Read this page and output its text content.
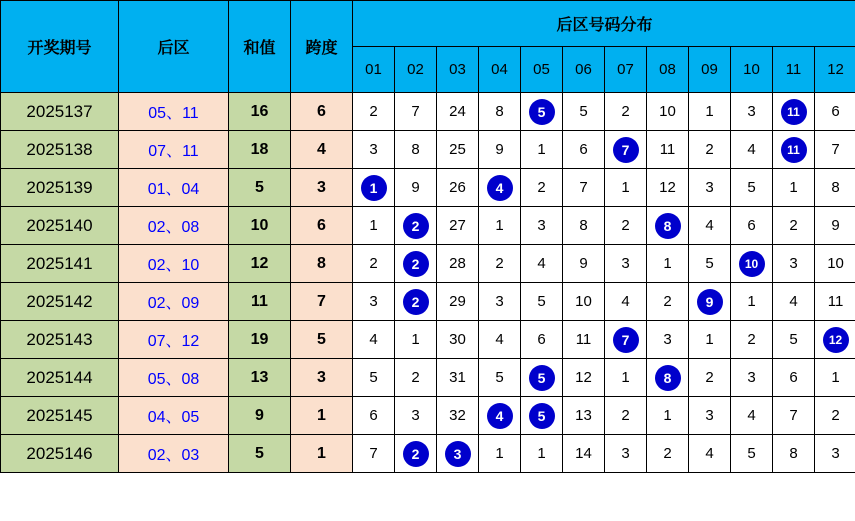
开奖期号	后区	和值	跨度	后区号码分布											
				01	02	03	04	05	06	07	08	09	10	11	12
2025137	05、11	16	6	2	7	24	8	5	5	2	10	1	3	11	6
2025138	07、11	18	4	3	8	25	9	1	6	7	11	2	4	11	7
2025139	01、04	5	3	1	9	26	4	2	7	1	12	3	5	1	8
2025140	02、08	10	6	1	2	27	1	3	8	2	8	4	6	2	9
2025141	02、10	12	8	2	2	28	2	4	9	3	1	5	10	3	10
2025142	02、09	11	7	3	2	29	3	5	10	4	2	9	1	4	11
2025143	07、12	19	5	4	1	30	4	6	11	7	3	1	2	5	12
2025144	05、08	13	3	5	2	31	5	5	12	1	8	2	3	6	1
2025145	04、05	9	1	6	3	32	4	5	13	2	1	3	4	7	2
2025146	02、03	5	1	7	2	3	1	1	14	3	2	4	5	8	3
